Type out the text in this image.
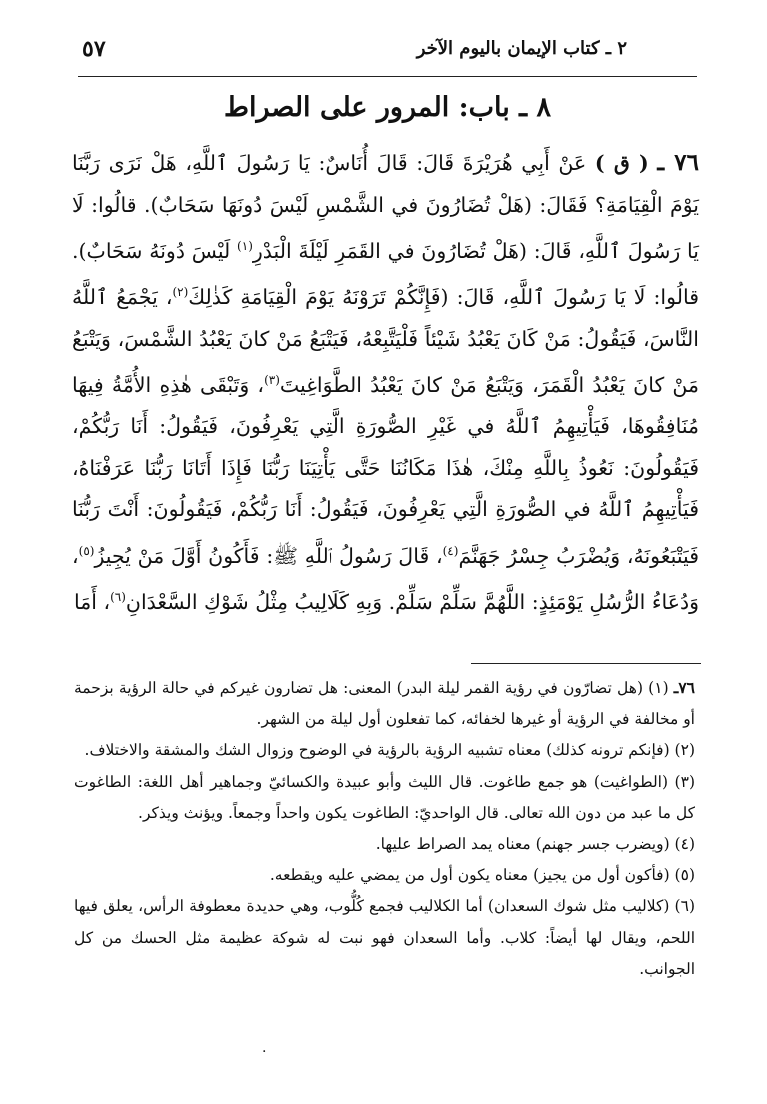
٢ ـ كتاب الإيمان باليوم الآخر
٥٧
٨ ـ باب: المرور على الصراط
٧٦ ـ ( ق ) عَنْ أَبِي هُرَيْرَةَ قَالَ: قَالَ أُنَاسٌ: يَا رَسُولَ ٱللَّهِ، هَلْ نَرَى رَبَّنَا يَوْمَ الْقِيَامَةِ؟ فَقَالَ: (هَلْ تُضَارُونَ في الشَّمْسِ لَيْسَ دُونَهَا سَحَابٌ). قالُوا: لَا يَا رَسُولَ ٱللَّهِ، قَالَ: (هَلْ تُضَارُونَ في القَمَرِ لَيْلَةَ الْبَدْرِ$^{(١)}$ لَيْسَ دُونَهُ سَحَابٌ). قالُوا: لَا يَا رَسُولَ ٱللَّهِ، قَالَ: (فَإِنَّكُمْ تَرَوْنَهُ يَوْمَ الْقِيَامَةِ كَذٰلِكَ$^{(٢)}$، يَجْمَعُ ٱللَّهُ النَّاسَ، فَيَقُولُ: مَنْ كَانَ يَعْبُدُ شَيْئاً فَلْيَتَّبِعْهُ، فَيَتْبَعُ مَنْ كانَ يَعْبُدُ الشَّمْسَ، وَيَتْبَعُ مَنْ كانَ يَعْبُدُ الْقَمَرَ، وَيَتْبَعُ مَنْ كانَ يَعْبُدُ الطَّوَاغِيتَ$^{(٣)}$، وَتَبْقَى هٰذِهِ الأُمَّةُ فِيهَا مُنَافِقُوهَا، فَيَأْتِيهِمُ ٱللَّهُ في غَيْرِ الصُّورَةِ الَّتِي يَعْرِفُونَ، فَيَقُولُ: أَنَا رَبُّكُمْ، فَيَقُولُونَ: نَعُوذُ بِاللَّهِ مِنْكَ، هٰذَا مَكَانُنَا حَتَّى يَأْتِيَنَا رَبُّنَا فَإِذَا أَتَانَا رَبُّنَا عَرَفْنَاهُ، فَيَأْتِيهِمُ ٱللَّهُ في الصُّورَةِ الَّتِي يَعْرِفُونَ، فَيَقُولُ: أَنَا رَبُّكُمْ، فَيَقُولُونَ: أَنْتَ رَبُّنَا فَيَتْبَعُونَهُ، وَيُضْرَبُ جِسْرُ جَهَنَّمَ$^{(٤)}$، قَالَ رَسُولُ ٱللَّهِ ﷺ: فَأَكُونُ أَوَّلَ مَنْ يُجِيزُ$^{(٥)}$، وَدُعَاءُ الرُّسُلِ يَوْمَئِذٍ: اللَّهُمَّ سَلِّمْ سَلِّمْ. وَبِهِ كَلَالِيبُ مِثْلُ شَوْكِ السَّعْدَانِ$^{(٦)}$، أَمَا

٧٦ـ (١) (هل تضارّون في رؤية القمر ليلة البدر) المعنى: هل تضارون غيركم في حالة الرؤية بزحمة أو مخالفة في الرؤية أو غيرها لخفائه، كما تفعلون أول ليلة من الشهر.

(٢) (فإنكم ترونه كذلك) معناه تشبيه الرؤية بالرؤية في الوضوح وزوال الشك والمشقة والاختلاف.

(٣) (الطواغيت) هو جمع طاغوت. قال الليث وأبو عبيدة والكسائيّ وجماهير أهل اللغة: الطاغوت كل ما عبد من دون الله تعالى. قال الواحديّ: الطاغوت يكون واحداً وجمعاً. ويؤنث ويذكر.

(٤) (ويضرب جسر جهنم) معناه يمد الصراط عليها.

(٥) (فأكون أول من يجيز) معناه يكون أول من يمضي عليه ويقطعه.

(٦) (كلاليب مثل شوك السعدان) أما الكلاليب فجمع كُلُّوب، وهي حديدة معطوفة الرأس، يعلق فيها اللحم، ويقال لها أيضاً: كلاب. وأما السعدان فهو نبت له شوكة عظيمة مثل الحسك من كل الجوانب.

.
